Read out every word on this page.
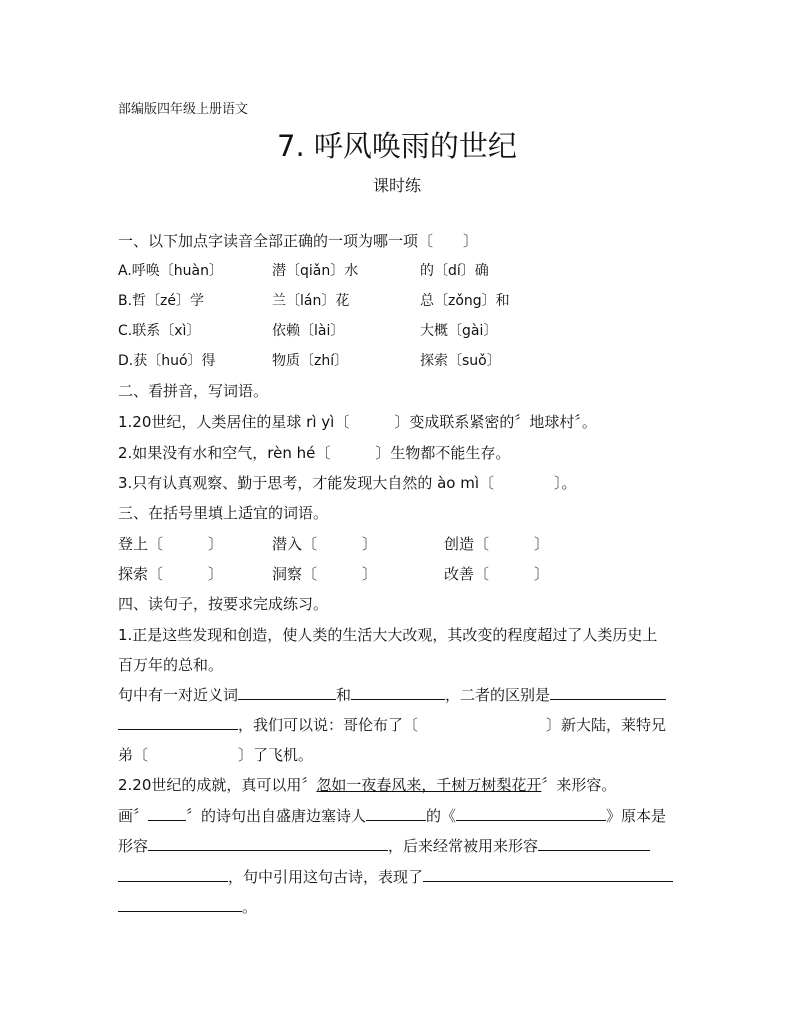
部编版四年级上册语文
7. 呼风唤雨的世纪
课时练
一、以下加点字读音全部正确的一项为哪一项〔　　〕
A.呼唤〔huàn〕	潜〔qiǎn〕水	的〔dí〕确
B.哲〔zé〕学	兰〔lán〕花	总〔zǒng〕和
C.联系〔xì〕	依赖〔lài〕	大概〔gài〕
D.获〔huó〕得	物质〔zhí〕	探索〔suǒ〕
二、看拼音，写词语。
1.20世纪，人类居住的星球 rì yì〔　　　〕变成联系紧密的〞地球村〞。
2.如果没有水和空气，rèn hé〔　　　〕生物都不能生存。
3.只有认真观察、勤于思考，才能发现大自然的 ào mì〔　　　　〕。
三、在括号里填上适宜的词语。
登上〔　　　〕	潜入〔　　　〕	创造〔　　　〕
探索〔　　　〕	洞察〔　　　〕	改善〔　　　〕
四、读句子，按要求完成练习。
1.正是这些发现和创造，使人类的生活大大改观，其改变的程度超过了人类历史上
百万年的总和。
句中有一对近义词	和	，二者的区别是
，我们可以说：哥伦布了〔	〕新大陆，莱特兄
弟〔　　　　　　〕了飞机。
2.20世纪的成就，真可以用〞忽如一夜春风来，千树万树梨花开〞来形容。
画〞	〞的诗句出自盛唐边塞诗人	的《	》原本是
形容	，后来经常被用来形容
，句中引用这句古诗，表现了
。
